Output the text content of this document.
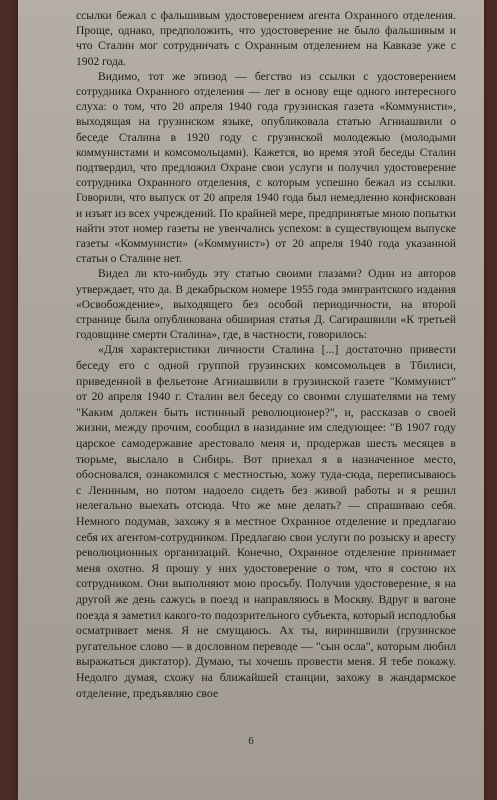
ссылки бежал с фальшивым удостоверением агента Охранного отделения. Проще, однако, предположить, что удостоверение не было фальшивым и что Сталин мог сотрудничать с Охранным отделением на Кавказе уже с 1902 года.

Видимо, тот же эпизод — бегство из ссылки с удостоверением сотрудника Охранного отделения — лег в основу еще одного интересного слуха: о том, что 20 апреля 1940 года грузинская газета «Коммунисти», выходящая на грузинском языке, опубликовала статью Агниашвили о беседе Сталина в 1920 году с грузинской молодежью (молодыми коммунистами и комсомольцами). Кажется, во время этой беседы Сталин подтвердил, что предложил Охране свои услуги и получил удостоверение сотрудника Охранного отделения, с которым успешно бежал из ссылки. Говорили, что выпуск от 20 апреля 1940 года был немедленно конфискован и изъят из всех учреждений. По крайней мере, предпринятые мною попытки найти этот номер газеты не увенчались успехом: в существующем выпуске газеты «Коммунисти» («Коммунист») от 20 апреля 1940 года указанной статьи о Сталине нет.

Видел ли кто-нибудь эту статью своими глазами? Один из авторов утверждает, что да. В декабрьском номере 1955 года эмигрантского издания «Освобождение», выходящего без особой периодичности, на второй странице была опубликована обширная статья Д. Сагирашвили «К третьей годовщине смерти Сталина», где, в частности, говорилось:

«Для характеристики личности Сталина [...] достаточно привести беседу его с одной группой грузинских комсомольцев в Тбилиси, приведенной в фельетоне Агниашвили в грузинской газете "Коммунист" от 20 апреля 1940 г. Сталин вел беседу со своими слушателями на тему "Каким должен быть истинный революционер?", и, рассказав о своей жизни, между прочим, сообщил в назидание им следующее: "В 1907 году царское самодержавие арестовало меня и, продержав шесть месяцев в тюрьме, выслало в Сибирь. Вот приехал я в назначенное место, обосновался, ознакомился с местностью, хожу туда-сюда, переписываюсь с Лениным, но потом надоело сидеть без живой работы и я решил нелегально выехать отсюда. Что же мне делать? — спрашиваю себя. Немного подумав, захожу я в местное Охранное отделение и предлагаю себя их агентом-сотрудником. Предлагаю свои услуги по розыску и аресту революционных организаций. Конечно, Охранное отделение принимает меня охотно. Я прошу у них удостоверение о том, что я состою их сотрудником. Они выполняют мою просьбу. Получив удостоверение, я на другой же день сажусь в поезд и направляюсь в Москву. Вдруг в вагоне поезда я заметил какого-то подозрительного субъекта, который исподлобья осматривает меня. Я не смущаюсь. Ах ты, вириншвили (грузинское ругательное слово — в дословном переводе — "сын осла", которым любил выражаться диктатор). Думаю, ты хочешь провести меня. Я тебе покажу. Недолго думая, схожу на ближайшей станции, захожу в жандармское отделение, предъявляю свое

6
